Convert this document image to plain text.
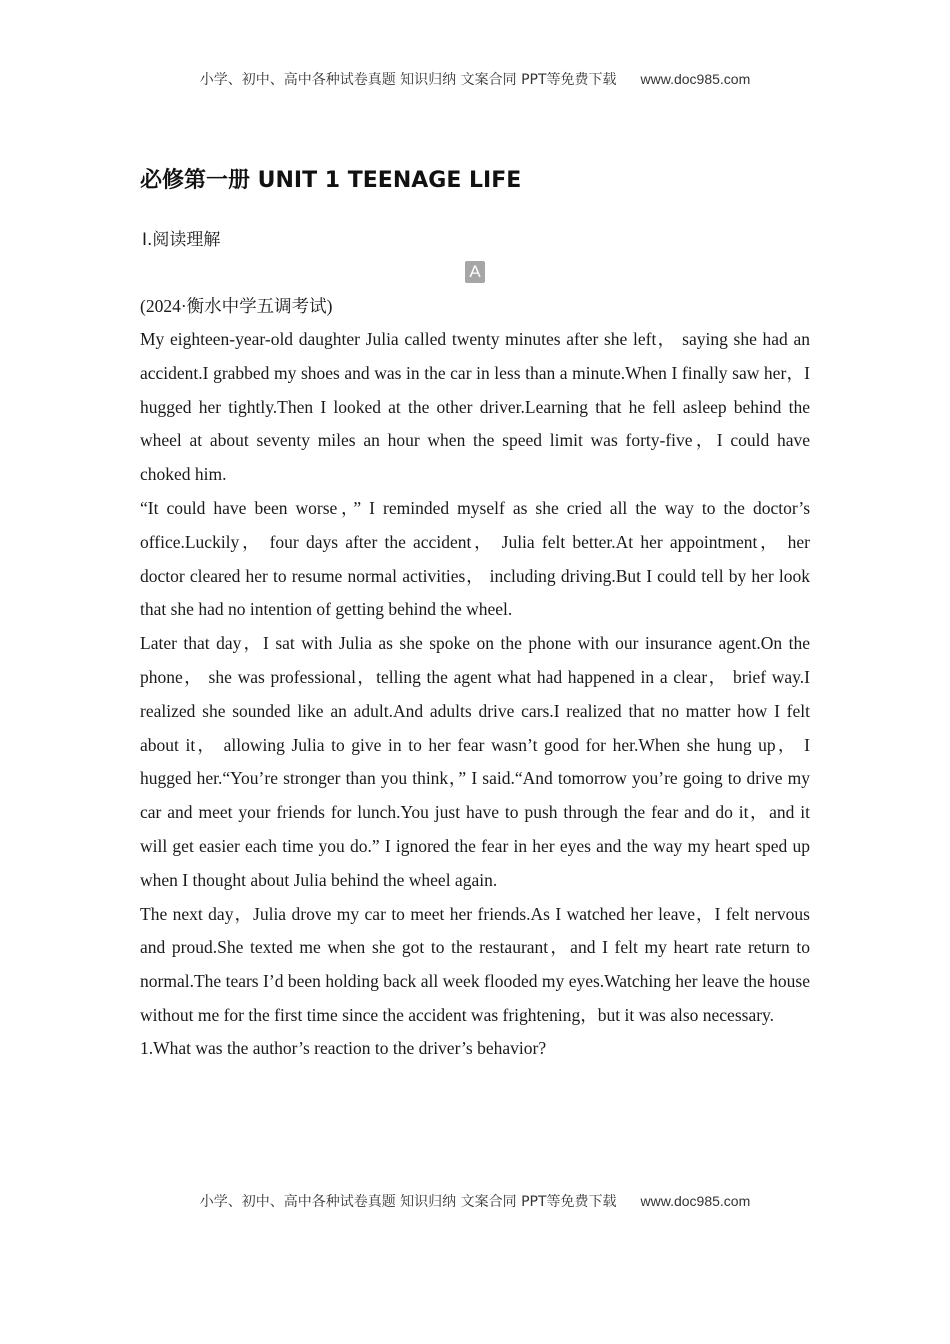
小学、初中、高中各种试卷真题 知识归纳 文案合同 PPT等免费下载 www.doc985.com
必修第一册 UNIT 1 TEENAGE LIFE
Ⅰ.阅读理解
A

(2024·衡水中学五调考试)

My eighteen-year-old daughter Julia called twenty minutes after she left， saying she had an accident.I grabbed my shoes and was in the car in less than a minute.When I finally saw her，I hugged her tightly.Then I looked at the other driver.Learning that he fell asleep behind the wheel at about seventy miles an hour when the speed limit was forty-five，I could have choked him.

“It could have been worse，” I reminded myself as she cried all the way to the doctor’s office.Luckily， four days after the accident， Julia felt better.At her appointment， her doctor cleared her to resume normal activities， including driving.But I could tell by her look that she had no intention of getting behind the wheel.

Later that day，I sat with Julia as she spoke on the phone with our insurance agent.On the phone， she was professional，telling the agent what had happened in a clear， brief way.I realized she sounded like an adult.And adults drive cars.I realized that no matter how I felt about it， allowing Julia to give in to her fear wasn’t good for her.When she hung up， I hugged her.“You’re stronger than you think，” I said.“And tomorrow you’re going to drive my car and meet your friends for lunch.You just have to push through the fear and do it，and it will get easier each time you do.” I ignored the fear in her eyes and the way my heart sped up when I thought about Julia behind the wheel again.

The next day，Julia drove my car to meet her friends.As I watched her leave，I felt nervous and proud.She texted me when she got to the restaurant，and I felt my heart rate return to normal.The tears I’d been holding back all week flooded my eyes.Watching her leave the house without me for the first time since the accident was frightening，but it was also necessary.

1.What was the author’s reaction to the driver’s behavior?

小学、初中、高中各种试卷真题 知识归纳 文案合同 PPT等免费下载 www.doc985.com
